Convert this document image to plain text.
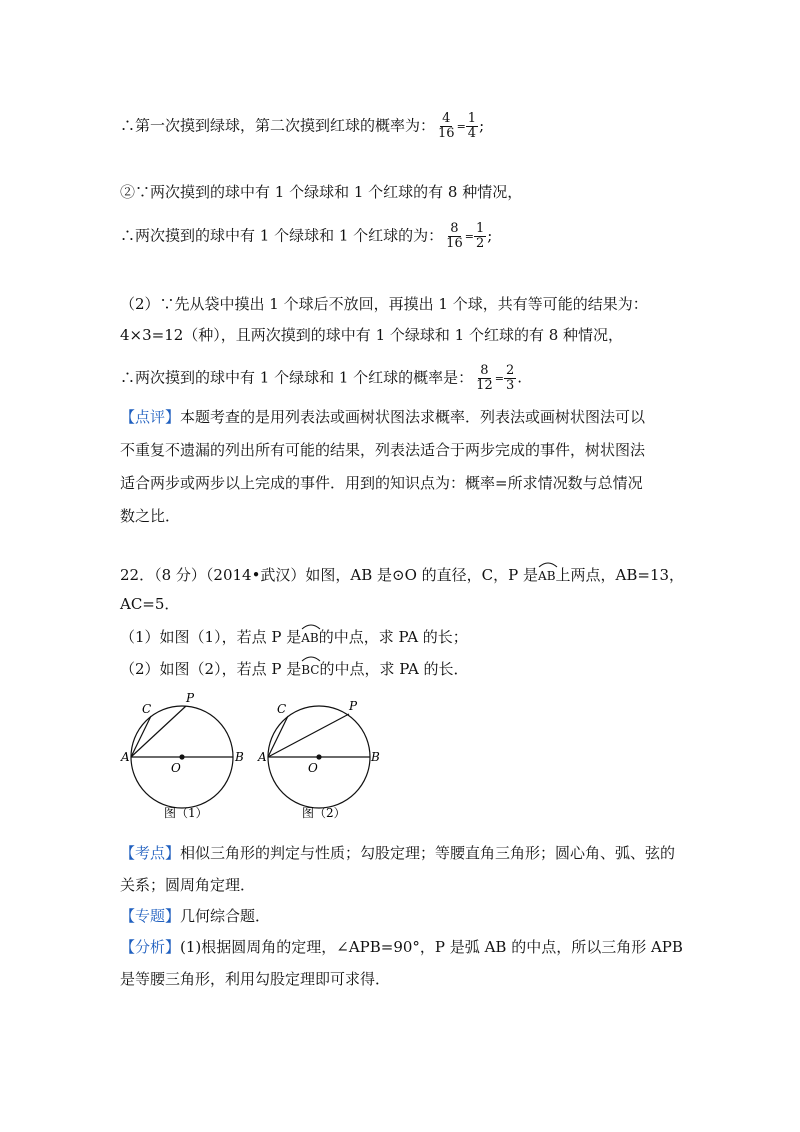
∴第一次摸到绿球，第二次摸到红球的概率为： $\frac{4}{16} = \frac{1}{4}$ ;
②∵两次摸到的球中有 1 个绿球和 1 个红球的有 8 种情况，
∴两次摸到的球中有 1 个绿球和 1 个红球的为： $\frac{8}{16} = \frac{1}{2}$ ;
（2）∵先从袋中摸出 1 个球后不放回，再摸出 1 个球，共有等可能的结果为：
4×3=12（种），且两次摸到的球中有 1 个绿球和 1 个红球的有 8 种情况，
∴两次摸到的球中有 1 个绿球和 1 个红球的概率是： $\frac{8}{12} = \frac{2}{3}$ .
【点评】本题考查的是用列表法或画树状图法求概率．列表法或画树状图法可以
不重复不遗漏的列出所有可能的结果，列表法适合于两步完成的事件，树状图法
适合两步或两步以上完成的事件．用到的知识点为：概率=所求情况数与总情况
数之比．
22．（8 分）（2014•武汉）如图，AB 是⊙O 的直径，C，P 是
AB上两点，AB=13，
AC=5．
（1）如图（1），若点 P 是
AB的中点，求 PA 的长；
（2）如图（2），若点 P 是
BC的中点，求 PA 的长．
A	B
C
P
O
图（1）
A	B
C	P
O
图（2）
【考点】相似三角形的判定与性质；勾股定理；等腰直角三角形；圆心角、弧、弦的
关系；圆周角定理．
【专题】几何综合题．
【分析】(1)根据圆周角的定理，∠APB=90°，P 是弧 AB 的中点，所以三角形 APB
是等腰三角形，利用勾股定理即可求得．
